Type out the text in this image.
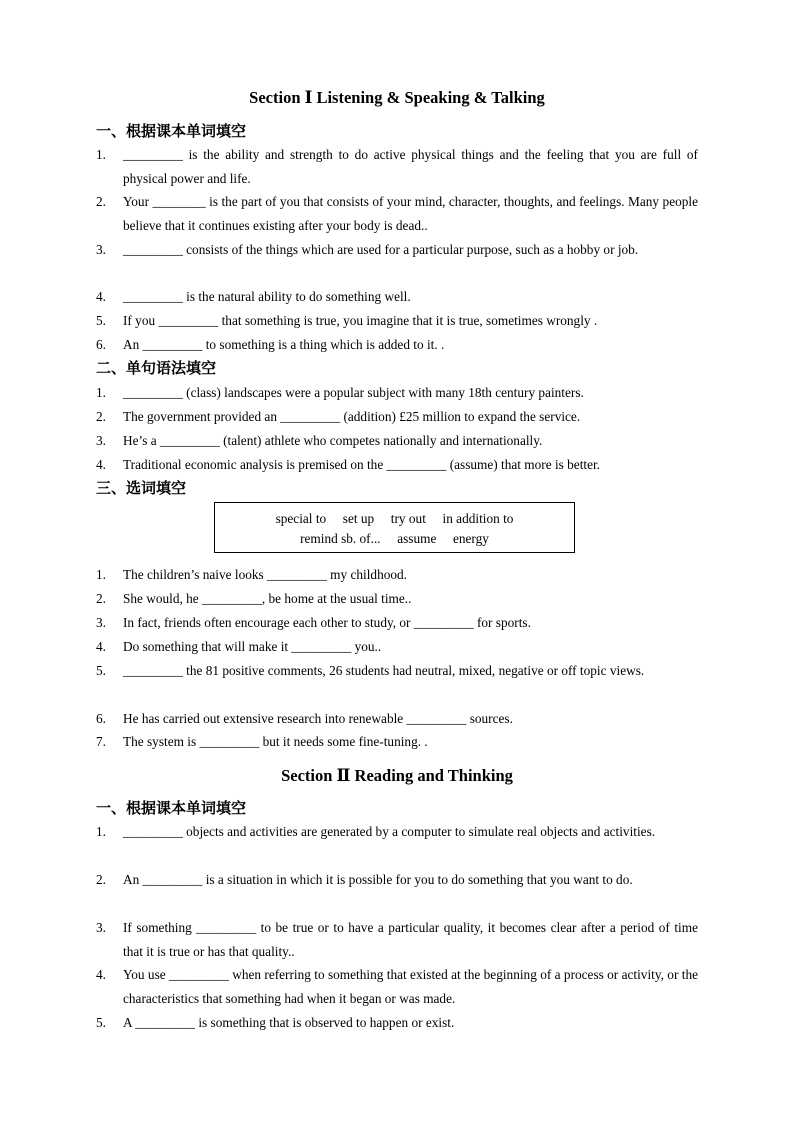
Section Ⅰ Listening & Speaking & Talking
一、根据课本单词填空
1. _________ is the ability and strength to do active physical things and the feeling that you are full of physical power and life.
2. Your ________ is the part of you that consists of your mind, character, thoughts, and feelings. Many people believe that it continues existing after your body is dead..
3. _________ consists of the things which are used for a particular purpose, such as a hobby or job.
4. _________ is the natural ability to do something well.
5. If you _________ that something is true, you imagine that it is true, sometimes wrongly .
6. An _________ to something is a thing which is added to it. .
二、单句语法填空
1. _________ (class) landscapes were a popular subject with many 18th century painters.
2. The government provided an _________ (addition) £25 million to expand the service.
3. He’s a _________ (talent) athlete who competes nationally and internationally.
4. Traditional economic analysis is premised on the _________ (assume) that more is better.
三、选词填空
special to     set up     try out     in addition to
remind sb. of...     assume     energy
1. The children’s naive looks _________ my childhood.
2. She would, he _________, be home at the usual time..
3. In fact, friends often encourage each other to study, or _________ for sports.
4. Do something that will make it _________ you..
5. _________ the 81 positive comments, 26 students had neutral, mixed, negative or off topic views.
6. He has carried out extensive research into renewable _________ sources.
7. The system is _________ but it needs some fine-tuning. .
Section Ⅱ Reading and Thinking
一、根据课本单词填空
1. _________ objects and activities are generated by a computer to simulate real objects and activities.
2. An _________ is a situation in which it is possible for you to do something that you want to do.
3. If something _________ to be true or to have a particular quality, it becomes clear after a period of time that it is true or has that quality..
4. You use _________ when referring to something that existed at the beginning of a process or activity, or the characteristics that something had when it began or was made.
5. A _________ is something that is observed to happen or exist.
